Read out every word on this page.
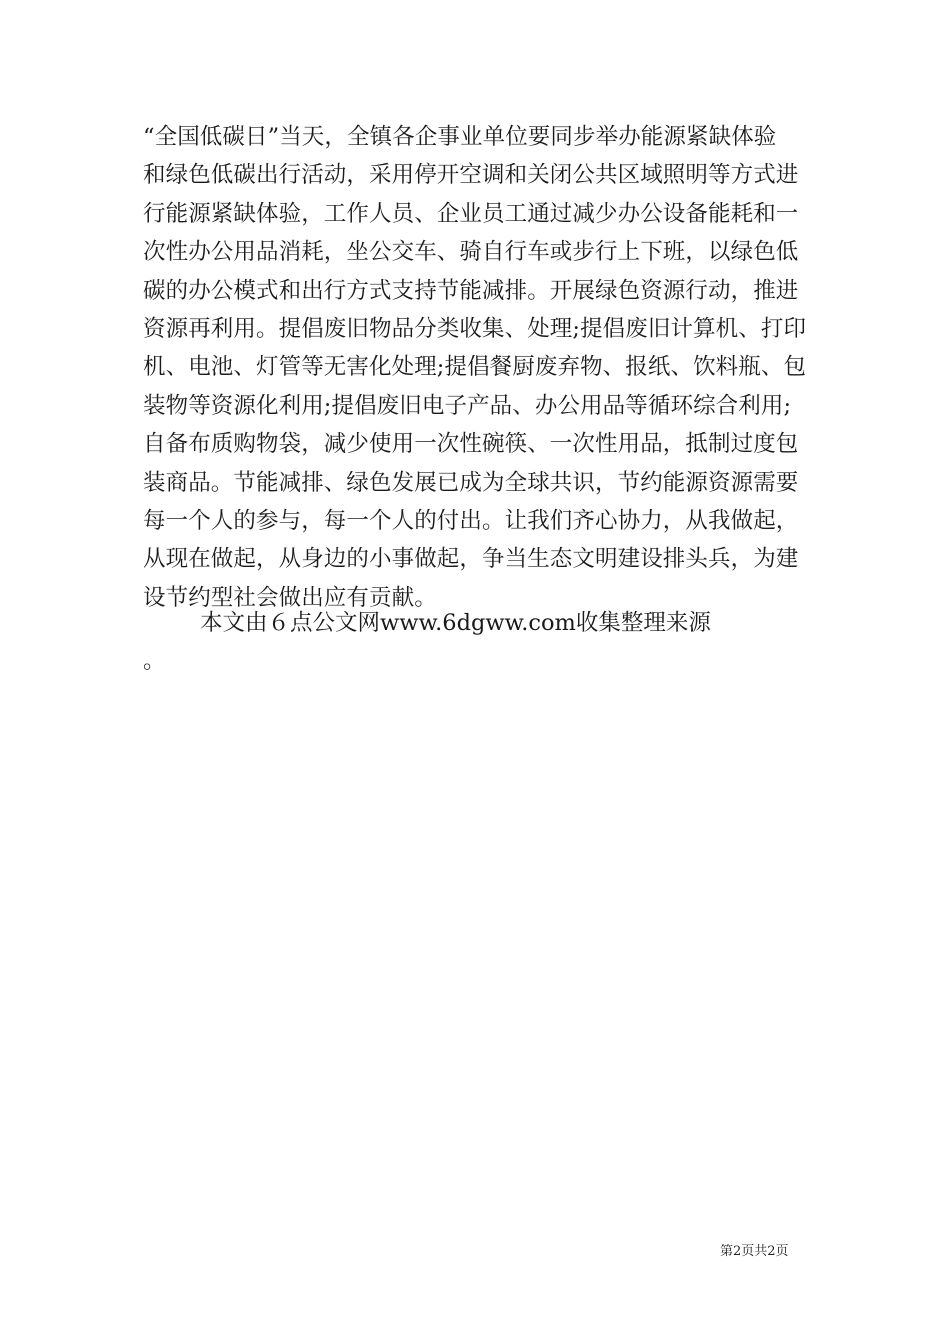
“全国低碳日”当天，全镇各企事业单位要同步举办能源紧缺体验
和绿色低碳出行活动，采用停开空调和关闭公共区域照明等方式进
行能源紧缺体验，工作人员、企业员工通过减少办公设备能耗和一
次性办公用品消耗，坐公交车、骑自行车或步行上下班，以绿色低
碳的办公模式和出行方式支持节能减排。开展绿色资源行动，推进
资源再利用。提倡废旧物品分类收集、处理;提倡废旧计算机、打印
机、电池、灯管等无害化处理;提倡餐厨废弃物、报纸、饮料瓶、包
装物等资源化利用;提倡废旧电子产品、办公用品等循环综合利用;
自备布质购物袋，减少使用一次性碗筷、一次性用品，抵制过度包
装商品。节能减排、绿色发展已成为全球共识，节约能源资源需要
每一个人的参与，每一个人的付出。让我们齐心协力，从我做起，
从现在做起，从身边的小事做起，争当生态文明建设排头兵，为建
设节约型社会做出应有贡献。
本文由６点公文网www.6dgww.com收集整理来源
。
第2页共2页
